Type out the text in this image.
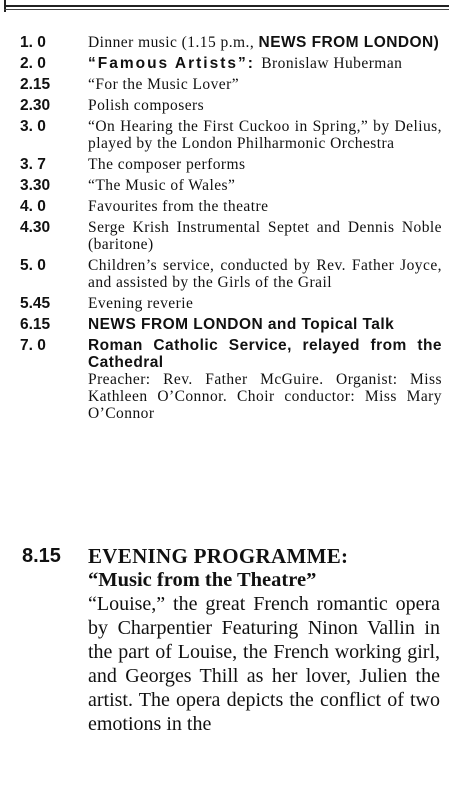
1. 0	Dinner music (1.15 p.m., NEWS FROM LONDON)
2. 0	“Famous Artists”: Bronislaw Huberman
2.15	“For the Music Lover”
2.30	Polish composers
3. 0	“On Hearing the First Cuckoo in Spring,” by Delius, played by the London Philharmonic Orchestra
3. 7	The composer performs
3.30	“The Music of Wales”
4. 0	Favourites from the theatre
4.30	Serge Krish Instrumental Septet and Dennis Noble (baritone)
5. 0	Children’s service, conducted by Rev. Father Joyce, and assisted by the Girls of the Grail
5.45	Evening reverie
6.15	NEWS FROM LONDON and Topical Talk
7. 0	Roman Catholic Service, relayed from the Cathedral
Preacher: Rev. Father McGuire. Organist: Miss Kathleen O’Connor. Choir conductor: Miss Mary O’Connor
8.15	EVENING PROGRAMME:
“Music from the Theatre”
“Louise,” the great French romantic opera by Charpentier Featuring Ninon Vallin in the part of Louise, the French working girl, and Georges Thill as her lover, Julien the artist. The opera depicts the conflict of two emotions in the
